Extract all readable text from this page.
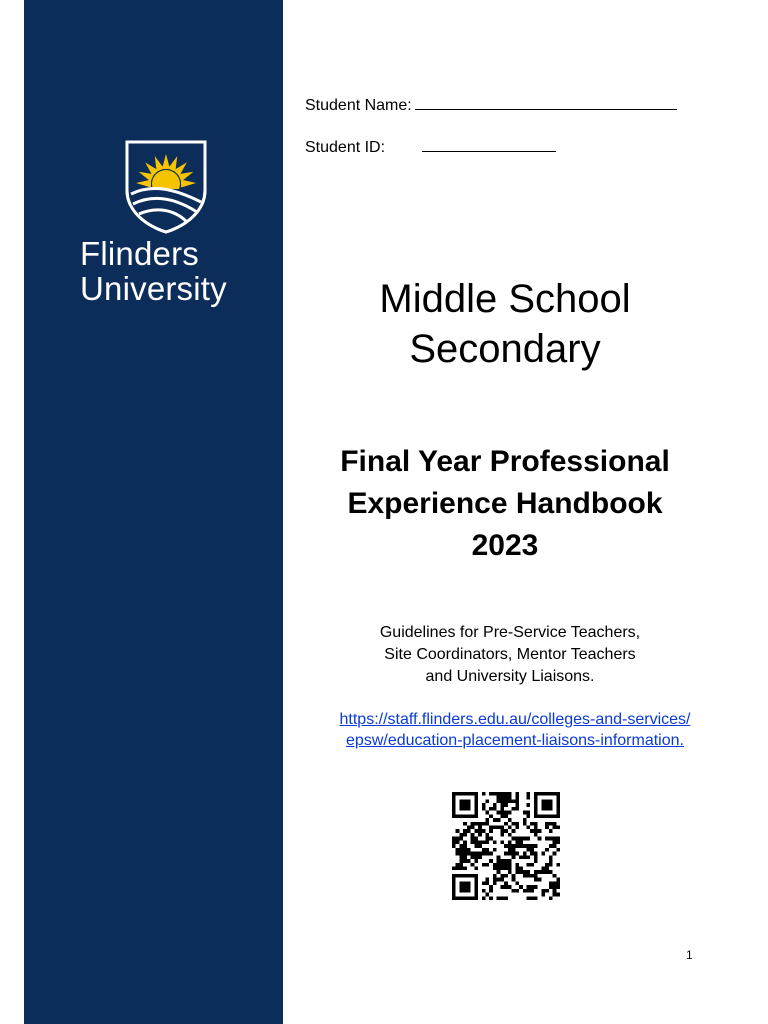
Flinders
University
Student Name:
Student ID:
Middle School
Secondary
Final Year Professional
Experience Handbook
2023
Guidelines for Pre-Service Teachers,
Site Coordinators, Mentor Teachers
and University Liaisons.
https://staff.flinders.edu.au/colleges-and-services/
epsw/education-placement-liaisons-information.
1
